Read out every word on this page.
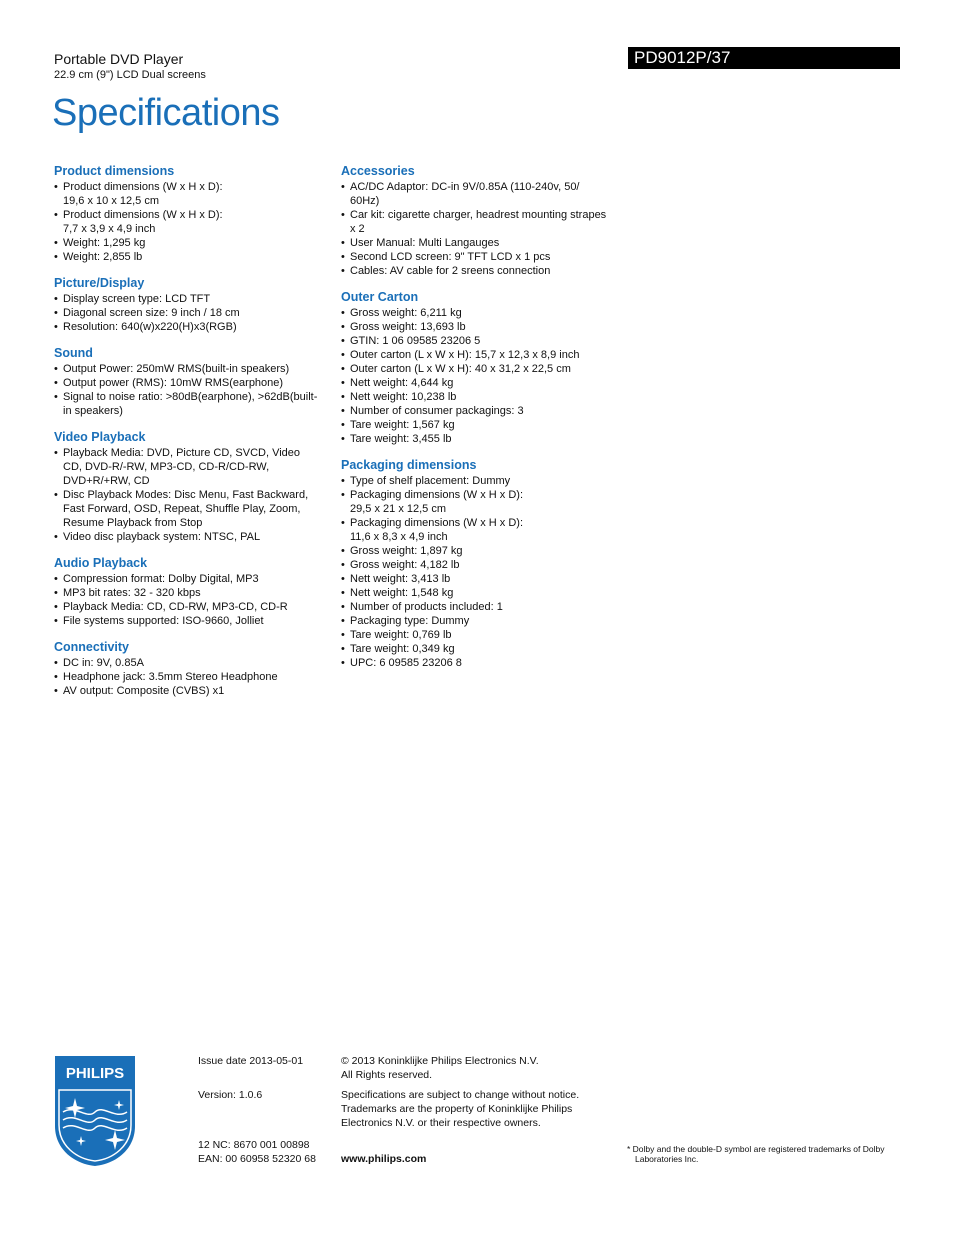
Portable DVD Player
22.9 cm (9") LCD Dual screens
PD9012P/37
Specifications
Product dimensions
• Product dimensions (W x H x D):
19,6 x 10 x 12,5 cm
• Product dimensions (W x H x D):
7,7 x 3,9 x 4,9 inch
• Weight: 1,295 kg
• Weight: 2,855 lb
Picture/Display
• Display screen type: LCD TFT
• Diagonal screen size: 9 inch / 18 cm
• Resolution: 640(w)x220(H)x3(RGB)
Sound
• Output Power: 250mW RMS(built-in speakers)
• Output power (RMS): 10mW RMS(earphone)
• Signal to noise ratio: >80dB(earphone), >62dB(built-
in speakers)
Video Playback
• Playback Media: DVD, Picture CD, SVCD, Video
CD, DVD-R/-RW, MP3-CD, CD-R/CD-RW,
DVD+R/+RW, CD
• Disc Playback Modes: Disc Menu, Fast Backward,
Fast Forward, OSD, Repeat, Shuffle Play, Zoom,
Resume Playback from Stop
• Video disc playback system: NTSC, PAL
Audio Playback
• Compression format: Dolby Digital, MP3
• MP3 bit rates: 32 - 320 kbps
• Playback Media: CD, CD-RW, MP3-CD, CD-R
• File systems supported: ISO-9660, Jolliet
Connectivity
• DC in: 9V, 0.85A
• Headphone jack: 3.5mm Stereo Headphone
• AV output: Composite (CVBS) x1
Accessories
• AC/DC Adaptor: DC-in 9V/0.85A (110-240v, 50/
60Hz)
• Car kit: cigarette charger, headrest mounting strapes
x 2
• User Manual: Multi Langauges
• Second LCD screen: 9" TFT LCD x 1 pcs
• Cables: AV cable for 2 sreens connection
Outer Carton
• Gross weight: 6,211 kg
• Gross weight: 13,693 lb
• GTIN: 1 06 09585 23206 5
• Outer carton (L x W x H): 15,7 x 12,3 x 8,9 inch
• Outer carton (L x W x H): 40 x 31,2 x 22,5 cm
• Nett weight: 4,644 kg
• Nett weight: 10,238 lb
• Number of consumer packagings: 3
• Tare weight: 1,567 kg
• Tare weight: 3,455 lb
Packaging dimensions
• Type of shelf placement: Dummy
• Packaging dimensions (W x H x D):
29,5 x 21 x 12,5 cm
• Packaging dimensions (W x H x D):
11,6 x 8,3 x 4,9 inch
• Gross weight: 1,897 kg
• Gross weight: 4,182 lb
• Nett weight: 3,413 lb
• Nett weight: 1,548 kg
• Number of products included: 1
• Packaging type: Dummy
• Tare weight: 0,769 lb
• Tare weight: 0,349 kg
• UPC: 6 09585 23206 8
PHILIPS
Issue date 2013-05-01
Version: 1.0.6
12 NC: 8670 001 00898
EAN: 00 60958 52320 68
© 2013 Koninklijke Philips Electronics N.V.
All Rights reserved.
Specifications are subject to change without notice.
Trademarks are the property of Koninklijke Philips
Electronics N.V. or their respective owners.
www.philips.com
* Dolby and the double-D symbol are registered trademarks of Dolby
Laboratories Inc.
